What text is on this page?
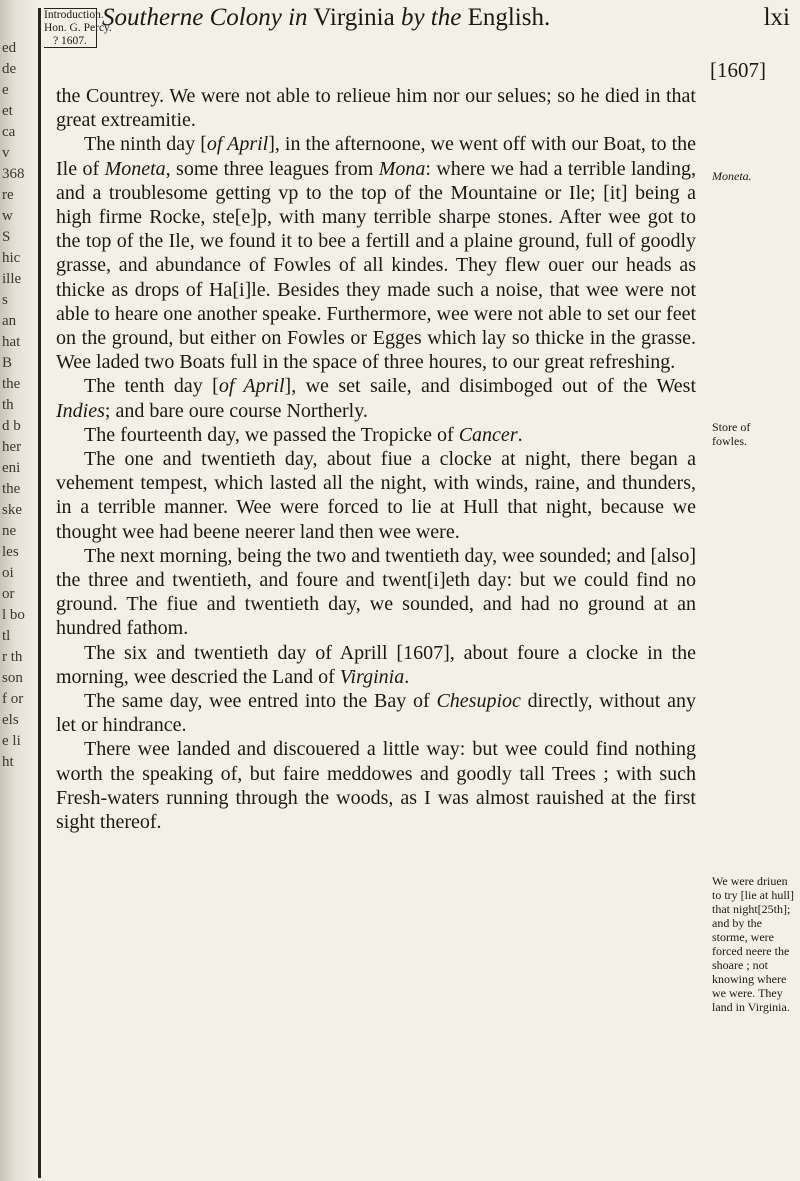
ed
de
e
et
ca
v
368
re
w
S
hic
ille
s
an
hat
B
the
th
d b
her
eni
the
ske
ne
les
oi
or
l bo
tl
r th
son
f or
els
e li
ht
Introduction.
Hon. G. Percy.
? 1607.
Southerne Colony in Virginia by the English.	lxi
[1607]

the Countrey. We were not able to relieue him nor our selues; so he died in that great extreamitie.

The ninth day [of April], in the afternoone, we went off with our Boat, to the Ile of Moneta, some three leagues from Mona: where we had a terrible landing, and a troublesome getting vp to the top of the Mountaine or Ile; [it] being a high firme Rocke, ste[e]p, with many terrible sharpe stones. After wee got to the top of the Ile, we found it to bee a fertill and a plaine ground, full of goodly grasse, and abundance of Fowles of all kindes. They flew ouer our heads as thicke as drops of Ha[i]le. Besides they made such a noise, that wee were not able to heare one another speake. Furthermore, wee were not able to set our feet on the ground, but either on Fowles or Egges which lay so thicke in the grasse. Wee laded two Boats full in the space of three houres, to our great refreshing.

The tenth day [of April], we set saile, and disimboged out of the West Indies; and bare oure course Northerly.

The fourteenth day, we passed the Tropicke of Cancer.

The one and twentieth day, about fiue a clocke at night, there began a vehement tempest, which lasted all the night, with winds, raine, and thunders, in a terrible manner. Wee were forced to lie at Hull that night, because we thought wee had beene neerer land then wee were.

The next morning, being the two and twentieth day, wee sounded; and [also] the three and twentieth, and foure and twent[i]eth day: but we could find no ground. The fiue and twentieth day, we sounded, and had no ground at an hundred fathom.

The six and twentieth day of Aprill [1607], about foure a clocke in the morning, wee descried the Land of Virginia.

The same day, wee entred into the Bay of Chesupioc directly, without any let or hindrance.

There wee landed and discouered a little way: but wee could find nothing worth the speaking of, but faire meddowes and goodly tall Trees ; with such Fresh-waters running through the woods, as I was almost rauished at the first sight thereof.

Moneta.
Store of fowles.
We were driuen to try [lie at hull] that night[25th]; and by the storme, were forced neere the shoare ; not knowing where we were. They land in Virginia.
